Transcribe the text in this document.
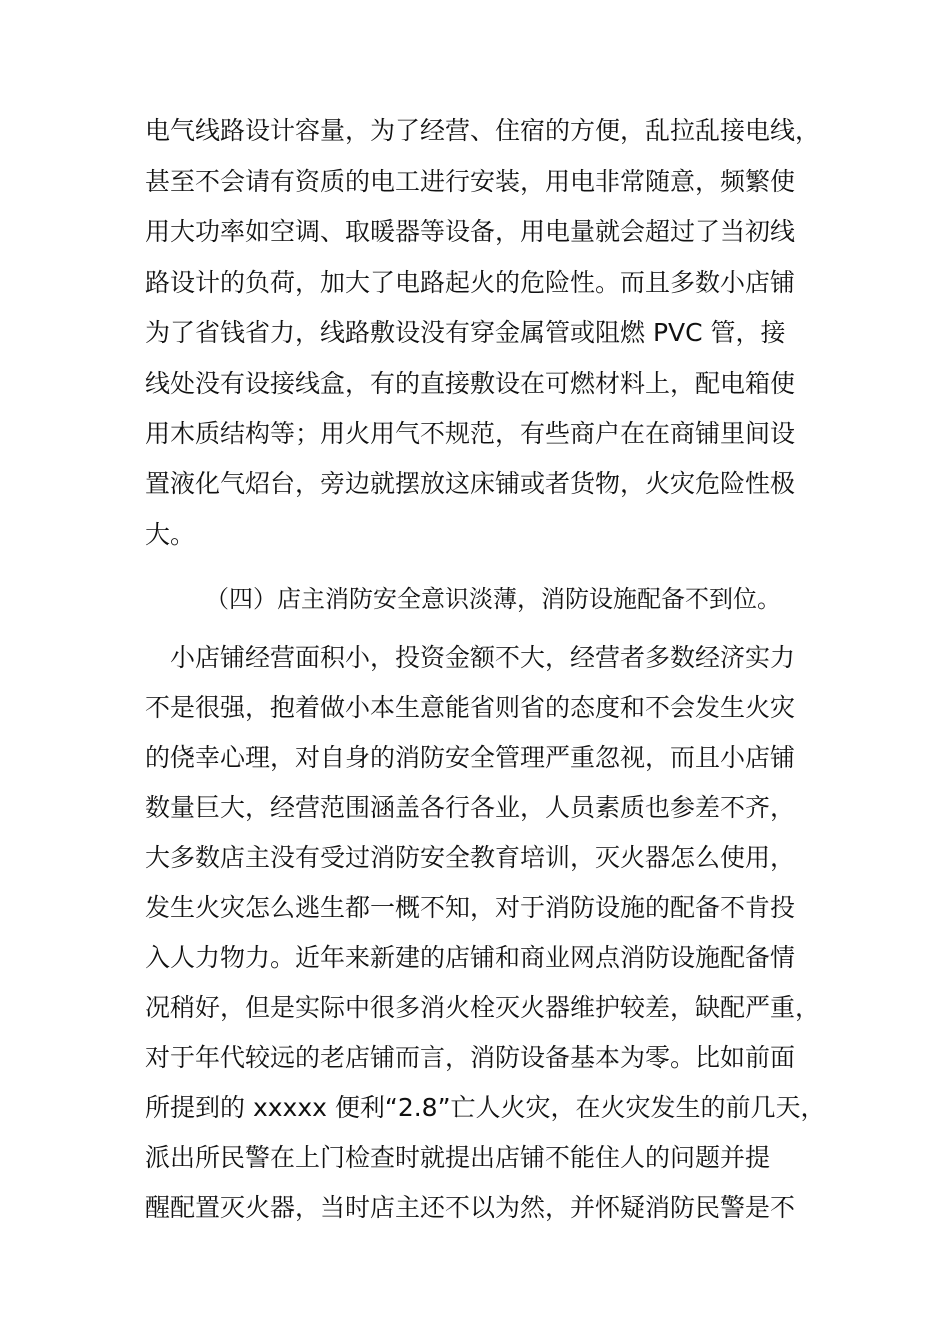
电气线路设计容量，为了经营、住宿的方便，乱拉乱接电线，
甚至不会请有资质的电工进行安装，用电非常随意，频繁使
用大功率如空调、取暖器等设备，用电量就会超过了当初线
路设计的负荷，加大了电路起火的危险性。而且多数小店铺
为了省钱省力，线路敷设没有穿金属管或阻燃 PVC 管，接
线处没有设接线盒，有的直接敷设在可燃材料上，配电箱使
用木质结构等；用火用气不规范，有些商户在在商铺里间设
置液化气炤台，旁边就摆放这床铺或者货物，火灾危险性极
大。
（四）店主消防安全意识淡薄，消防设施配备不到位。
小店铺经营面积小，投资金额不大，经营者多数经济实力
不是很强，抱着做小本生意能省则省的态度和不会发生火灾
的侥幸心理，对自身的消防安全管理严重忽视，而且小店铺
数量巨大，经营范围涵盖各行各业，人员素质也参差不齐，
大多数店主没有受过消防安全教育培训，灭火器怎么使用，
发生火灾怎么逃生都一概不知，对于消防设施的配备不肯投
入人力物力。近年来新建的店铺和商业网点消防设施配备情
况稍好，但是实际中很多消火栓灭火器维护较差，缺配严重，
对于年代较远的老店铺而言，消防设备基本为零。比如前面
所提到的 xxxxx 便利“2.8”亡人火灾，在火灾发生的前几天，
派出所民警在上门检查时就提出店铺不能住人的问题并提
醒配置灭火器，当时店主还不以为然，并怀疑消防民警是不
